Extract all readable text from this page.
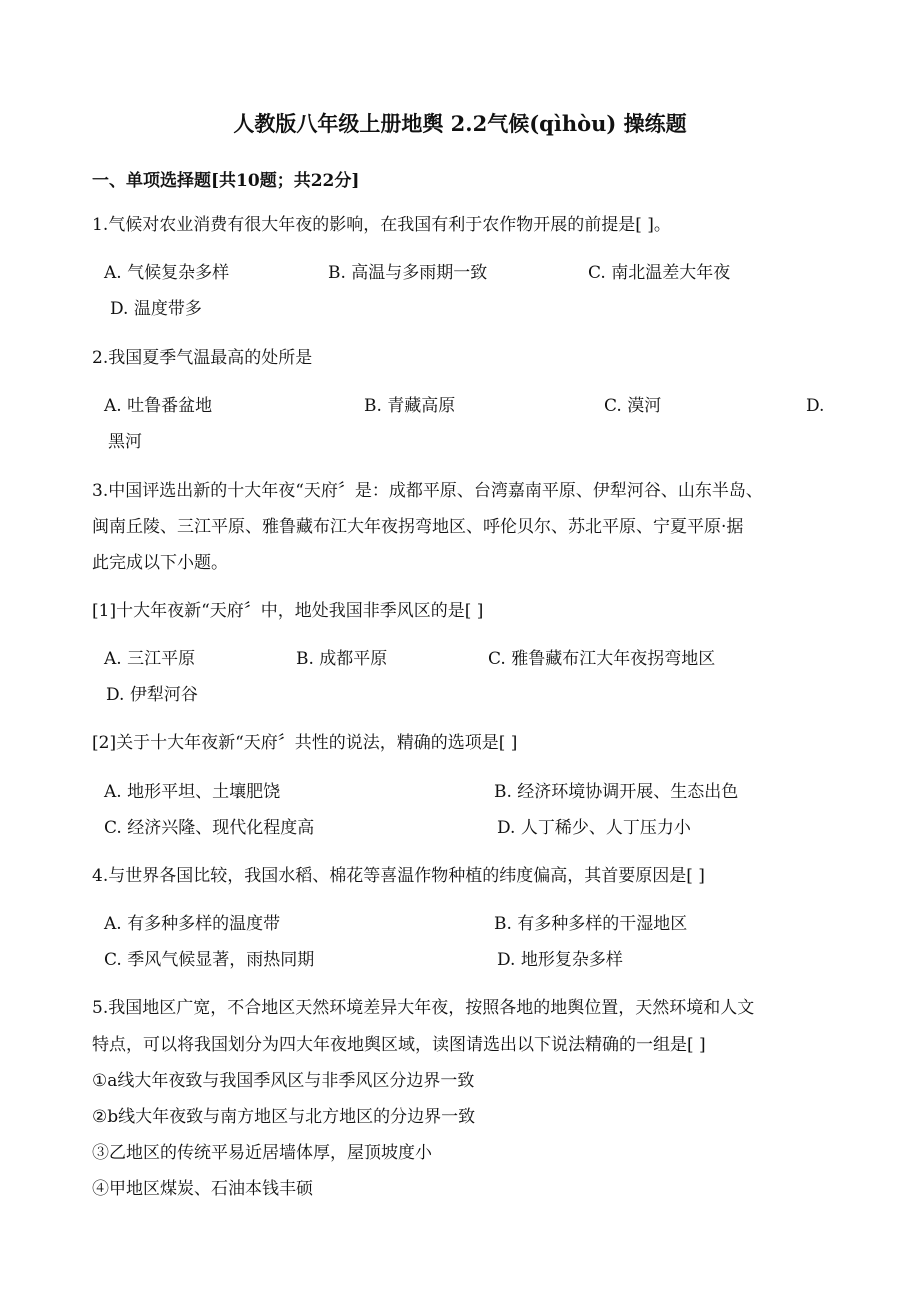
人教版八年级上册地舆 2.2气候(qìhòu) 操练题
一、单项选择题[共10题；共22分]
1.气候对农业消费有很大年夜的影响，在我国有利于农作物开展的前提是[ ]。
A. 气候复杂多样	B. 高温与多雨期一致	C. 南北温差大年夜
D. 温度带多
2.我国夏季气温最高的处所是
A. 吐鲁番盆地	B. 青藏高原	C. 漠河	D.
黑河
3.中国评选出新的十大年夜“天府〞是：成都平原、台湾嘉南平原、伊犁河谷、山东半岛、
闽南丘陵、三江平原、雅鲁藏布江大年夜拐弯地区、呼伦贝尔、苏北平原、宁夏平原·据
此完成以下小题。
[1]十大年夜新“天府〞中，地处我国非季风区的是[ ]
A. 三江平原	B. 成都平原	C. 雅鲁藏布江大年夜拐弯地区
D. 伊犁河谷
[2]关于十大年夜新“天府〞共性的说法，精确的选项是[ ]
A. 地形平坦、土壤肥饶	B. 经济环境协调开展、生态出色
C. 经济兴隆、现代化程度高	D. 人丁稀少、人丁压力小
4.与世界各国比较，我国水稻、棉花等喜温作物种植的纬度偏高，其首要原因是[ ]
A. 有多种多样的温度带	B. 有多种多样的干湿地区
C. 季风气候显著，雨热同期	D. 地形复杂多样
5.我国地区广宽，不合地区天然环境差异大年夜，按照各地的地舆位置，天然环境和人文
特点，可以将我国划分为四大年夜地舆区域，读图请选出以下说法精确的一组是[ ]
①a线大年夜致与我国季风区与非季风区分边界一致
②b线大年夜致与南方地区与北方地区的分边界一致
③乙地区的传统平易近居墙体厚，屋顶坡度小
④甲地区煤炭、石油本钱丰硕
